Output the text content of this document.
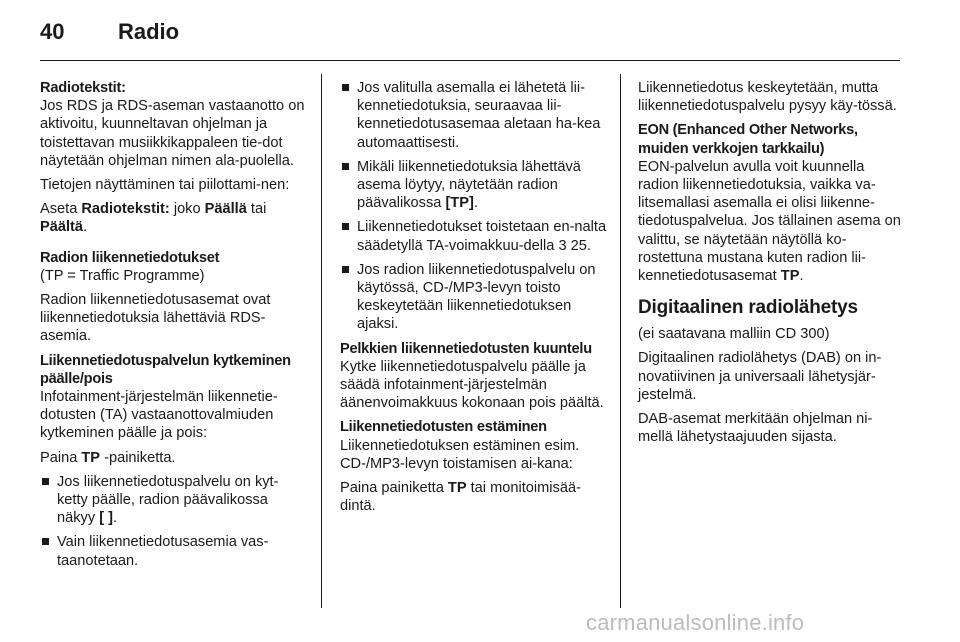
40 Radio

Radiotekstit:

Jos RDS ja RDS-aseman vastaanotto on aktivoitu, kuunneltavan ohjelman ja toistettavan musiikkikappaleen tie-dot näytetään ohjelman nimen ala-puolella.

Tietojen näyttäminen tai piilottami-nen:

Aseta Radiotekstit: joko Päällä tai Päältä.

Radion liikennetiedotukset

(TP = Traffic Programme)

Radion liikennetiedotusasemat ovat liikennetiedotuksia lähettäviä RDS-asemia.

Liikennetiedotuspalvelun kytkeminen päälle/pois

Infotainment-järjestelmän liikennetie-dotusten (TA) vastaanottovalmiuden kytkeminen päälle ja pois:

Paina TP -painiketta.

Jos liikennetiedotuspalvelu on kyt-ketty päälle, radion päävalikossa näkyy [ ].
Vain liikennetiedotusasemia vas-taanotetaan.
Jos valitulla asemalla ei lähetetä lii-kennetiedotuksia, seuraavaa lii-kennetiedotusasemaa aletaan ha-kea automaattisesti.
Mikäli liikennetiedotuksia lähettävä asema löytyy, näytetään radion päävalikossa [TP].
Liikennetiedotukset toistetaan en-nalta säädetyllä TA-voimakkuu-della 3 25.
Jos radion liikennetiedotuspalvelu on käytössä, CD-/MP3-levyn toisto keskeytetään liikennetiedotuksen ajaksi.

Pelkkien liikennetiedotusten kuuntelu

Kytke liikennetiedotuspalvelu päälle ja säädä infotainment-järjestelmän äänenvoimakkuus kokonaan pois päältä.

Liikennetiedotusten estäminen

Liikennetiedotuksen estäminen esim. CD-/MP3-levyn toistamisen ai-kana:

Paina painiketta TP tai monitoimisää-dintä.

Liikennetiedotus keskeytetään, mutta liikennetiedotuspalvelu pysyy käy-tössä.

EON (Enhanced Other Networks, muiden verkkojen tarkkailu)

EON-palvelun avulla voit kuunnella radion liikennetiedotuksia, vaikka va-litsemallasi asemalla ei olisi liikenne-tiedotuspalvelua. Jos tällainen asema on valittu, se näytetään näytöllä ko-rostettuna mustana kuten radion lii-kennetiedotusasemat TP.

Digitaalinen radiolähetys

(ei saatavana malliin CD 300)

Digitaalinen radiolähetys (DAB) on in-novatiivinen ja universaali lähetysjär-jestelmä.

DAB-asemat merkitään ohjelman ni-mellä lähetystaajuuden sijasta.

carmanualsonline.info
